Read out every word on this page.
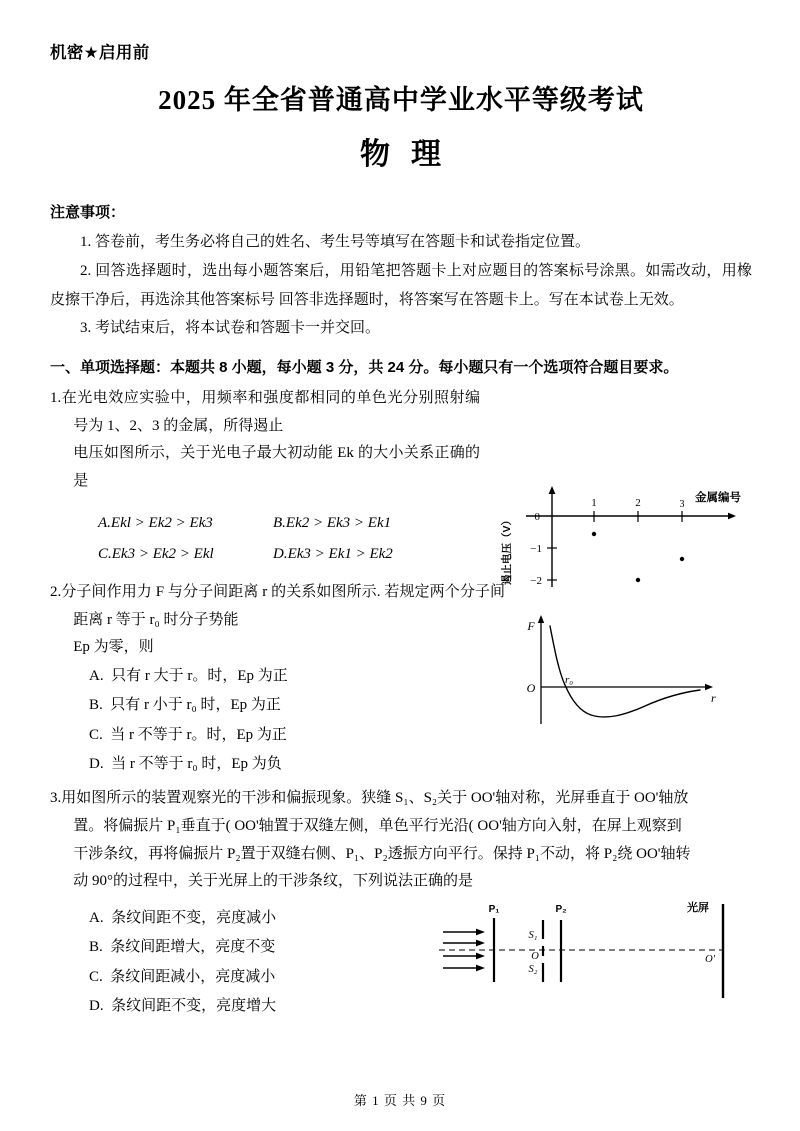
机密★启用前
2025 年全省普通高中学业水平等级考试
物 理
注意事项：

1. 答卷前，考生务必将自己的姓名、考生号等填写在答题卡和试卷指定位置。

2. 回答选择题时，选出每小题答案后，用铅笔把答题卡上对应题目的答案标号涂黑。如需改动，用橡皮擦干净后，再选涂其他答案标号 回答非选择题时，将答案写在答题卡上。写在本试卷上无效。

3. 考试结束后，将本试卷和答题卡一并交回。

一、单项选择题：本题共 8 小题，每小题 3 分，共 24 分。每小题只有一个选项符合题目要求。

1.在光电效应实验中，用频率和强度都相同的单色光分别照射编号为 1、2、3 的金属，所得遏止

电压如图所示，关于光电子最大初动能 Ek 的大小关系正确的是

A.Ekl > Ek2 > Ek3	B.Ek2 > Ek3 > Ek1
C.Ek3 > Ek2 > Ekl	D.Ek3 > Ek1 > Ek2

2.分子间作用力 F 与分子间距离 r 的关系如图所示. 若规定两个分子间距离 r 等于 r₀ 时分子势能

Ep 为零，则

A. 只有 r 大于 r。时，Ep 为正
B. 只有 r 小于 r₀ 时，Ep 为正
C. 当 r 不等于 r。时，Ep 为正
D. 当 r 不等于 r₀ 时，Ep 为负

3.用如图所示的装置观察光的干涉和偏振现象。狭缝 S₁、S₂关于 OO'轴对称，光屏垂直于 OO'轴放

置。将偏振片 P₁垂直于( OO'轴置于双缝左侧，单色平行光沿( OO'轴方向入射，在屏上观察到

干涉条纹，再将偏振片 P₂置于双缝右侧、P₁、P₂透振方向平行。保持 P₁不动，将 P₂绕 OO'轴转

动 90°的过程中，关于光屏上的干涉条纹，下列说法正确的是

A. 条纹间距不变，亮度减小
B. 条纹间距增大，亮度不变
C. 条纹间距减小，亮度减小
D. 条纹间距不变，亮度增大
1	2	3
0
−1
−2
金属编号
遏止电压（V）
F
r
O
r₀
P₁
S₁
S₂
O
P₂	光屏
O'
第 1 页 共 9 页
